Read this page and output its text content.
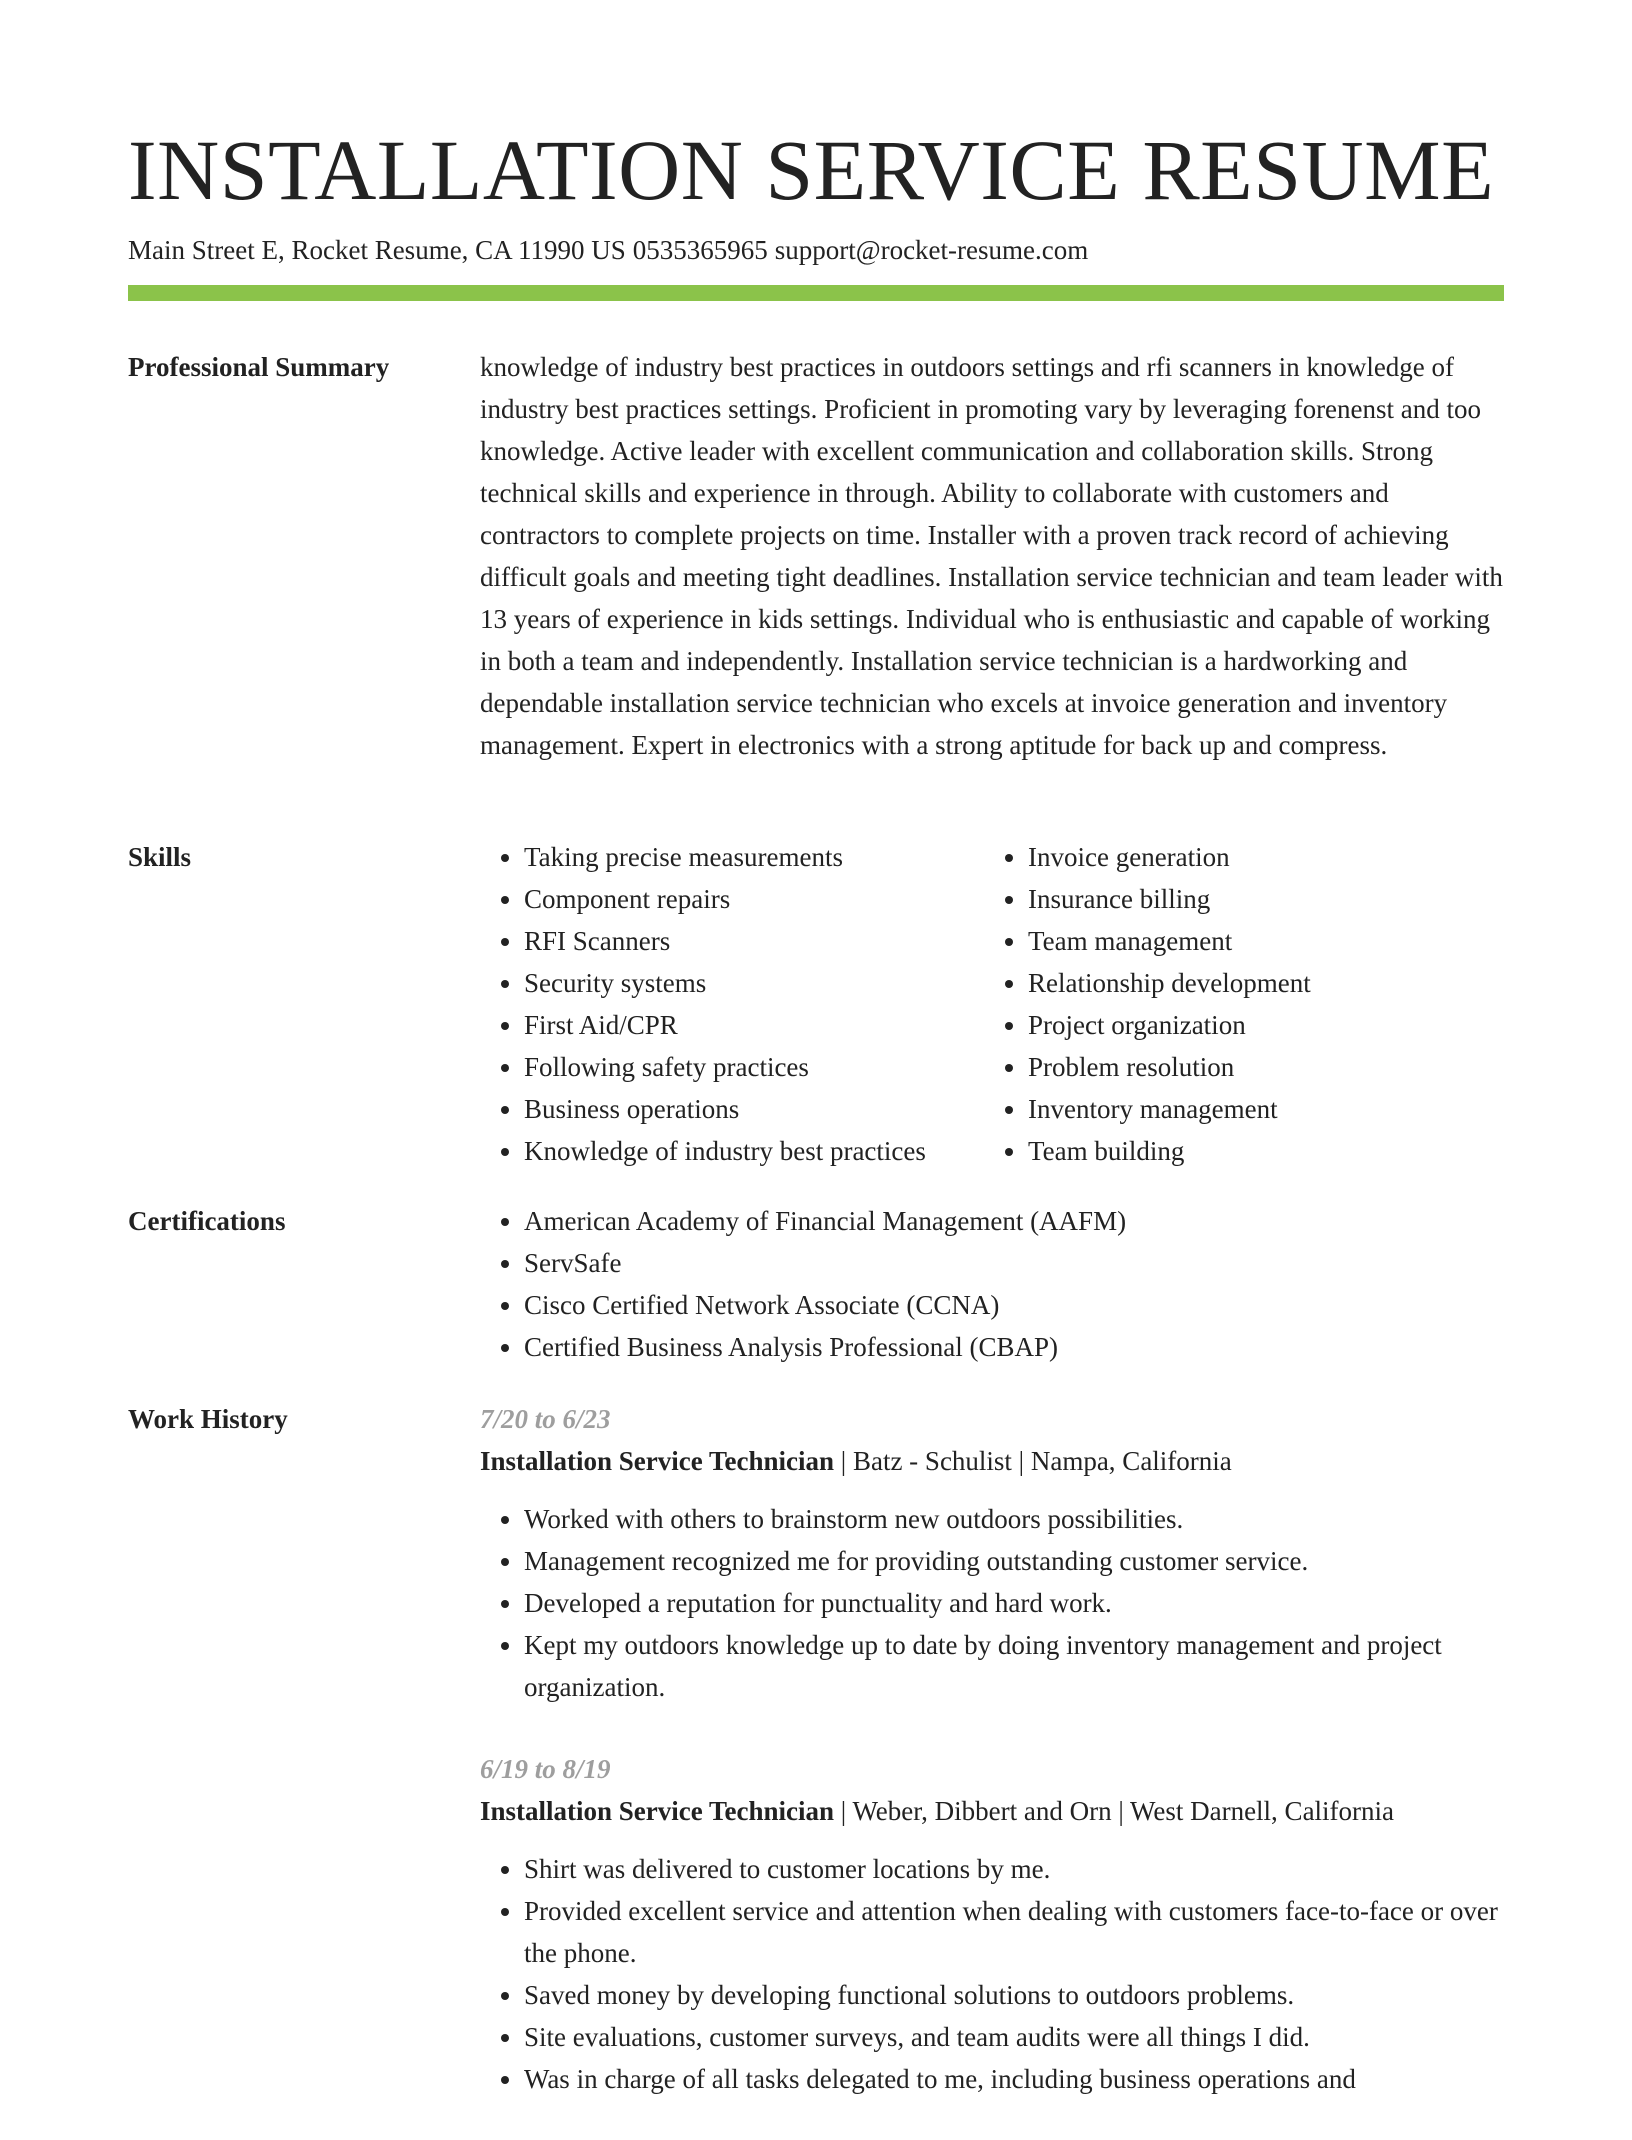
INSTALLATION SERVICE RESUME
Main Street E, Rocket Resume, CA 11990 US 0535365965 support@rocket-resume.com
Professional Summary	knowledge of industry best practices in outdoors settings and rfi scanners in knowledge of industry best practices settings. Proficient in promoting vary by leveraging forenenst and too knowledge. Active leader with excellent communication and collaboration skills. Strong technical skills and experience in through. Ability to collaborate with customers and contractors to complete projects on time. Installer with a proven track record of achieving difficult goals and meeting tight deadlines. Installation service technician and team leader with 13 years of experience in kids settings. Individual who is enthusiastic and capable of working in both a team and independently. Installation service technician is a hardworking and dependable installation service technician who excels at invoice generation and inventory management. Expert in electronics with a strong aptitude for back up and compress.

Skills	• Taking precise measurements
• Component repairs
• RFI Scanners
• Security systems
• First Aid/CPR
• Following safety practices
• Business operations
• Knowledge of industry best practices
• Invoice generation
• Insurance billing
• Team management
• Relationship development
• Project organization
• Problem resolution
• Inventory management
• Team building
Certifications	• American Academy of Financial Management (AAFM)
• ServSafe
• Cisco Certified Network Associate (CCNA)
• Certified Business Analysis Professional (CBAP)
Work History	7/20 to 6/23
Installation Service Technician | Batz - Schulist | Nampa, California
• Worked with others to brainstorm new outdoors possibilities.
• Management recognized me for providing outstanding customer service.
• Developed a reputation for punctuality and hard work.
• Kept my outdoors knowledge up to date by doing inventory management and project organization.
6/19 to 8/19
Installation Service Technician | Weber, Dibbert and Orn | West Darnell, California
• Shirt was delivered to customer locations by me.
• Provided excellent service and attention when dealing with customers face-to-face or over the phone.
• Saved money by developing functional solutions to outdoors problems.
• Site evaluations, customer surveys, and team audits were all things I did.
• Was in charge of all tasks delegated to me, including business operations and
